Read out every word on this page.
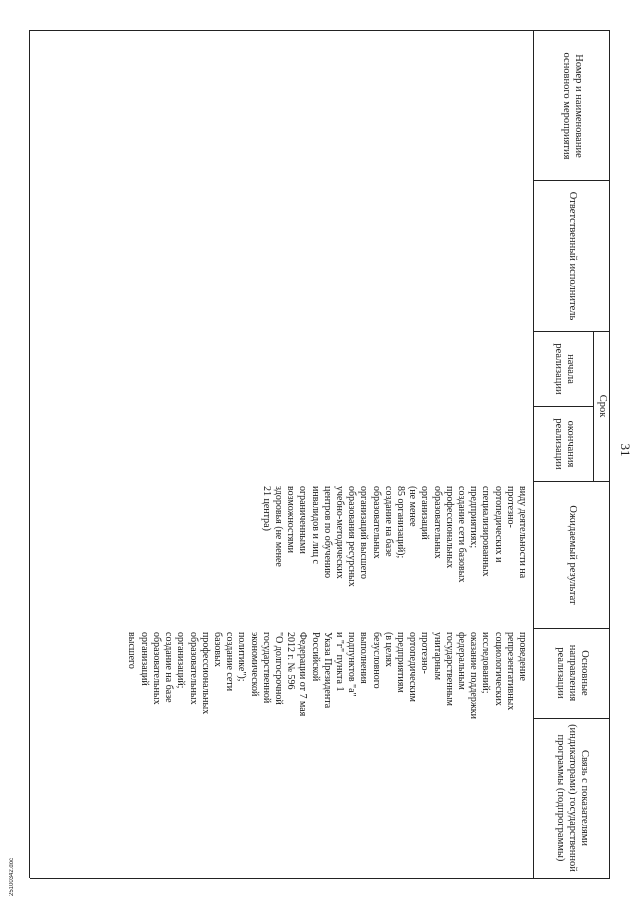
31
Номер и наименование основного мероприятия
Ответственный исполнитель
Срок
начала реализации
окончания реализации
Ожидаемый результат
Основные направления реализации
Связь с показателями (индикаторами) государственной программы (подпрограммы)
виду деятельности на
протезно-
ортопедических и
специализированных
предприятиях;
создание сети базовых
профессиональных
образовательных
организаций
(не менее
85 организаций);
создание на базе
образовательных
организаций высшего
образования ресурсных
учебно-методических
центров по обучению
инвалидов и лиц с
ограниченными
возможностями
здоровья (не менее
21 центра)
проведение
репрезентативных
социологических
исследований;
оказание поддержки
федеральным
государственным
унитарным
протезно-
ортопедическим
предприятиям
(в целях
безусловного
выполнения
подпунктов "а"
и "г" пункта 1
Указа Президента
Российской
Федерации от 7 мая
2012 г. № 596
"О долгосрочной
государственной
экономической
политике");
создание сети
базовых
профессиональных
образовательных
организаций;
создание на базе
образовательных
организаций
высшего
25100342.doc
